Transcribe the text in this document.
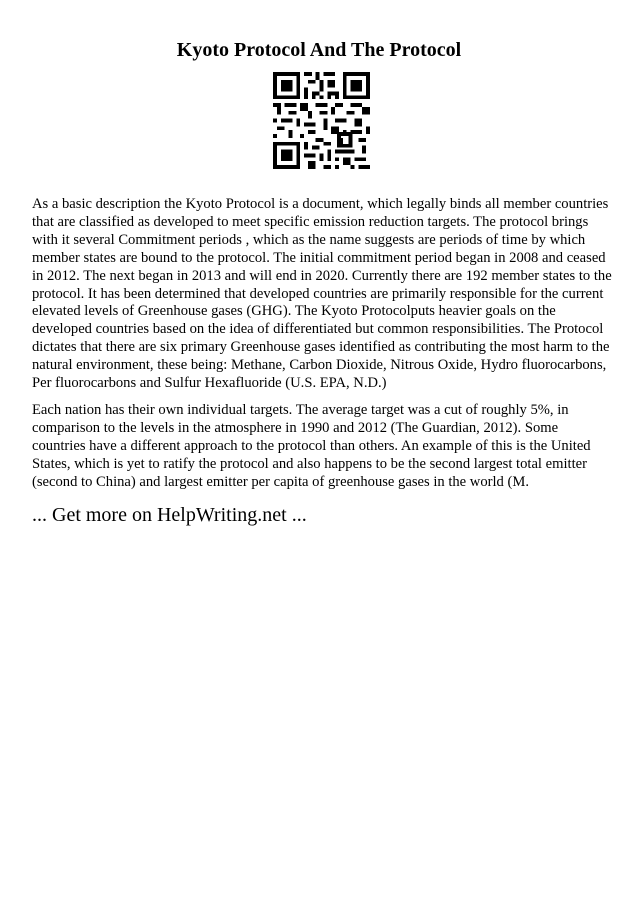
Kyoto Protocol And The Protocol

As a basic description the Kyoto Protocol is a document, which legally binds all member countries that are classified as developed to meet specific emission reduction targets. The protocol brings with it several Commitment periods , which as the name suggests are periods of time by which member states are bound to the protocol. The initial commitment period began in 2008 and ceased in 2012. The next began in 2013 and will end in 2020. Currently there are 192 member states to the protocol. It has been determined that developed countries are primarily responsible for the current elevated levels of Greenhouse gases (GHG). The Kyoto Protocolputs heavier goals on the developed countries based on the idea of differentiated but common responsibilities. The Protocol dictates that there are six primary Greenhouse gases identified as contributing the most harm to the natural environment, these being: Methane, Carbon Dioxide, Nitrous Oxide, Hydro fluorocarbons, Per fluorocarbons and Sulfur Hexafluoride (U.S. EPA, N.D.)

Each nation has their own individual targets. The average target was a cut of roughly 5%, in comparison to the levels in the atmosphere in 1990 and 2012 (The Guardian, 2012). Some countries have a different approach to the protocol than others. An example of this is the United States, which is yet to ratify the protocol and also happens to be the second largest total emitter (second to China) and largest emitter per capita of greenhouse gases in the world (M.

... Get more on HelpWriting.net ...
